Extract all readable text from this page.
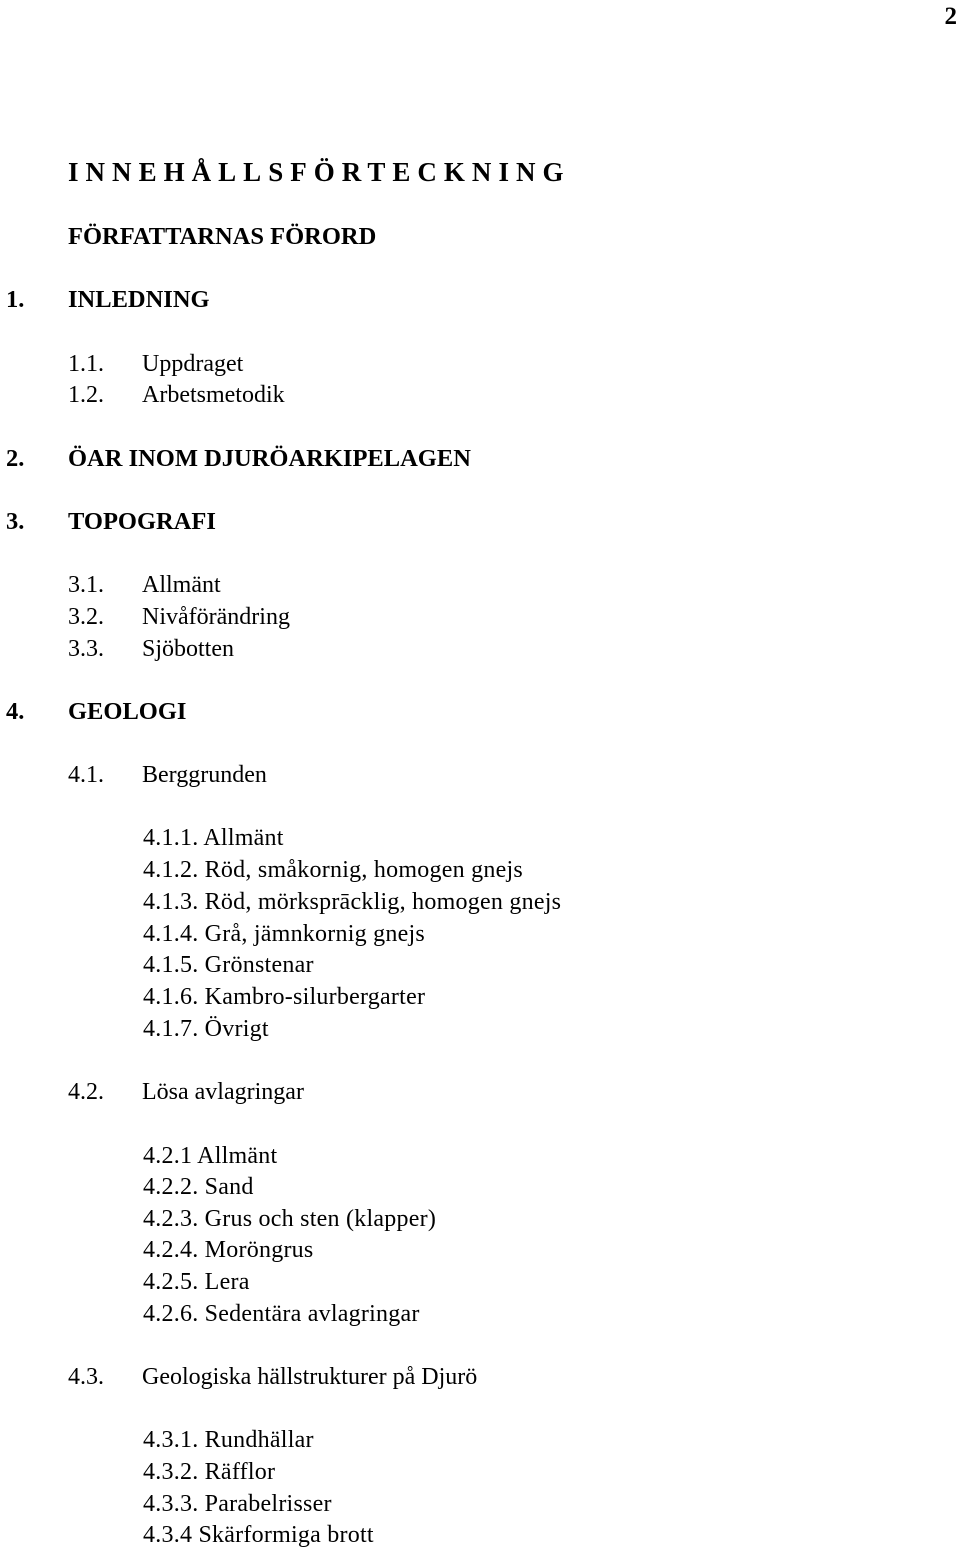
2
INNEHÅLLSFÖRTECKNING
FÖRFATTARNAS FÖRORD
1. INLEDNING
1.1. Uppdraget
1.2. Arbetsmetodik
2. ÖAR INOM DJURÖARKIPELAGEN
3. TOPOGRAFI
3.1. Allmänt
3.2. Nivåförändring
3.3. Sjöbotten
4. GEOLOGI
4.1. Berggrunden
4.1.1. Allmänt
4.1.2. Röd, småkornig, homogen gnejs
4.1.3. Röd, mörksprācklig, homogen gnejs
4.1.4. Grå, jämnkornig gnejs
4.1.5. Grönstenar
4.1.6. Kambro-silurbergarter
4.1.7. Övrigt
4.2. Lösa avlagringar
4.2.1 Allmänt
4.2.2. Sand
4.2.3. Grus och sten (klapper)
4.2.4. Moröngrus
4.2.5. Lera
4.2.6. Sedentära avlagringar
4.3. Geologiska hällstrukturer på Djurö
4.3.1. Rundhällar
4.3.2. Räfflor
4.3.3. Parabelrisser
4.3.4 Skärformiga brott
